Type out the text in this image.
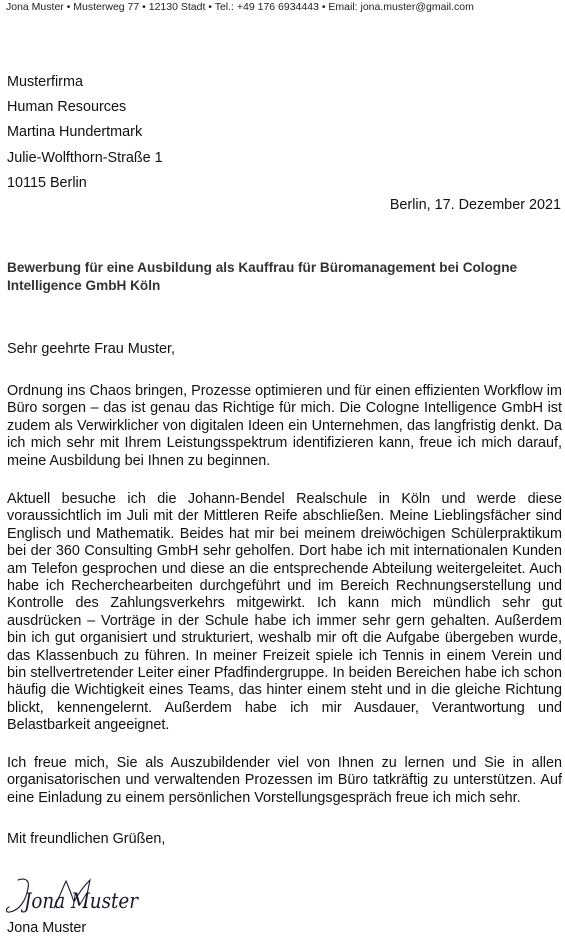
Jona Muster • Musterweg 77 • 12130 Stadt • Tel.: +49 176 6934443 • Email: jona.muster@gmail.com
Musterfirma
Human Resources
Martina Hundertmark
Julie-Wolfthorn-Straße 1
10115 Berlin
Berlin, 17. Dezember 2021
Bewerbung für eine Ausbildung als Kauffrau für Büromanagement bei Cologne Intelligence GmbH Köln
Sehr geehrte Frau Muster,

Ordnung ins Chaos bringen, Prozesse optimieren und für einen effizienten Workflow im Büro sorgen – das ist genau das Richtige für mich. Die Cologne Intelligence GmbH ist zudem als Verwirklicher von digitalen Ideen ein Unternehmen, das langfristig denkt. Da ich mich sehr mit Ihrem Leistungsspektrum identifizieren kann, freue ich mich darauf, meine Ausbildung bei Ihnen zu beginnen.

Aktuell besuche ich die Johann-Bendel Realschule in Köln und werde diese voraussichtlich im Juli mit der Mittleren Reife abschließen. Meine Lieblingsfächer sind Englisch und Mathematik. Beides hat mir bei meinem dreiwöchigen Schülerpraktikum bei der 360 Consulting GmbH sehr geholfen. Dort habe ich mit internationalen Kunden am Telefon gesprochen und diese an die entsprechende Abteilung weitergeleitet. Auch habe ich Recherchearbeiten durchgeführt und im Bereich Rechnungserstellung und Kontrolle des Zahlungsverkehrs mitgewirkt. Ich kann mich mündlich sehr gut ausdrücken – Vorträge in der Schule habe ich immer sehr gern gehalten. Außerdem bin ich gut organisiert und strukturiert, weshalb mir oft die Aufgabe übergeben wurde, das Klassenbuch zu führen. In meiner Freizeit spiele ich Tennis in einem Verein und bin stellvertretender Leiter einer Pfadfindergruppe. In beiden Bereichen habe ich schon häufig die Wichtigkeit eines Teams, das hinter einem steht und in die gleiche Richtung blickt, kennengelernt. Außerdem habe ich mir Ausdauer, Verantwortung und Belastbarkeit angeeignet.

Ich freue mich, Sie als Auszubildender viel von Ihnen zu lernen und Sie in allen organisatorischen und verwaltenden Prozessen im Büro tatkräftig zu unterstützen. Auf eine Einladung zu einem persönlichen Vorstellungsgespräch freue ich mich sehr.

Mit freundlichen Grüßen,
Jona Muster
Jona Muster
